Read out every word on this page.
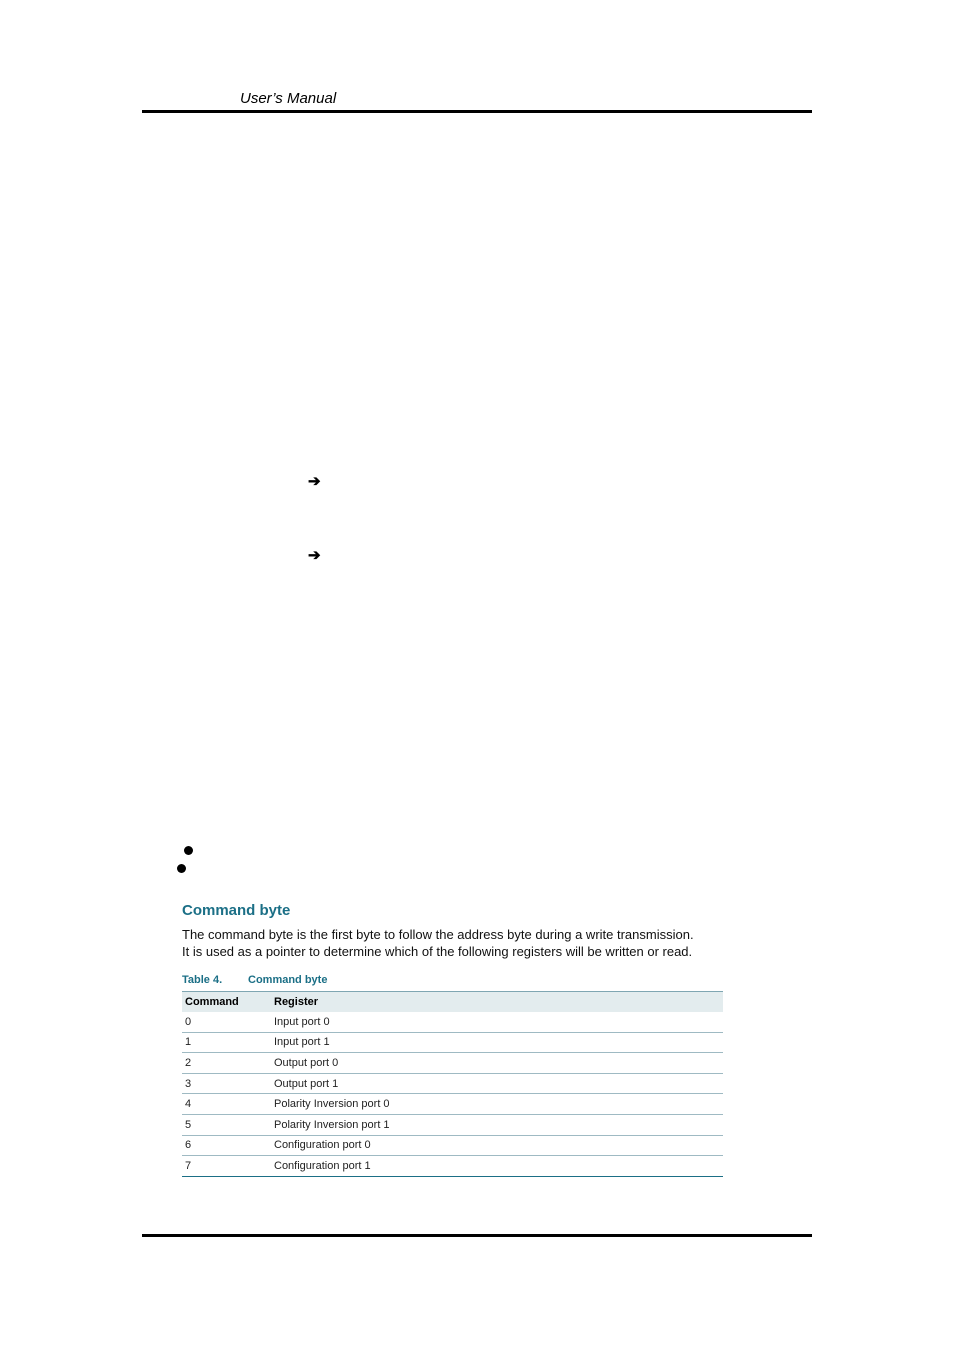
User’s Manual
➔
➔
Command byte
The command byte is the first byte to follow the address byte during a write transmission.
It is used as a pointer to determine which of the following registers will be written or read.
Table 4. Command byte
Command	Register
0	Input port 0
1	Input port 1
2	Output port 0
3	Output port 1
4	Polarity Inversion port 0
5	Polarity Inversion port 1
6	Configuration port 0
7	Configuration port 1
